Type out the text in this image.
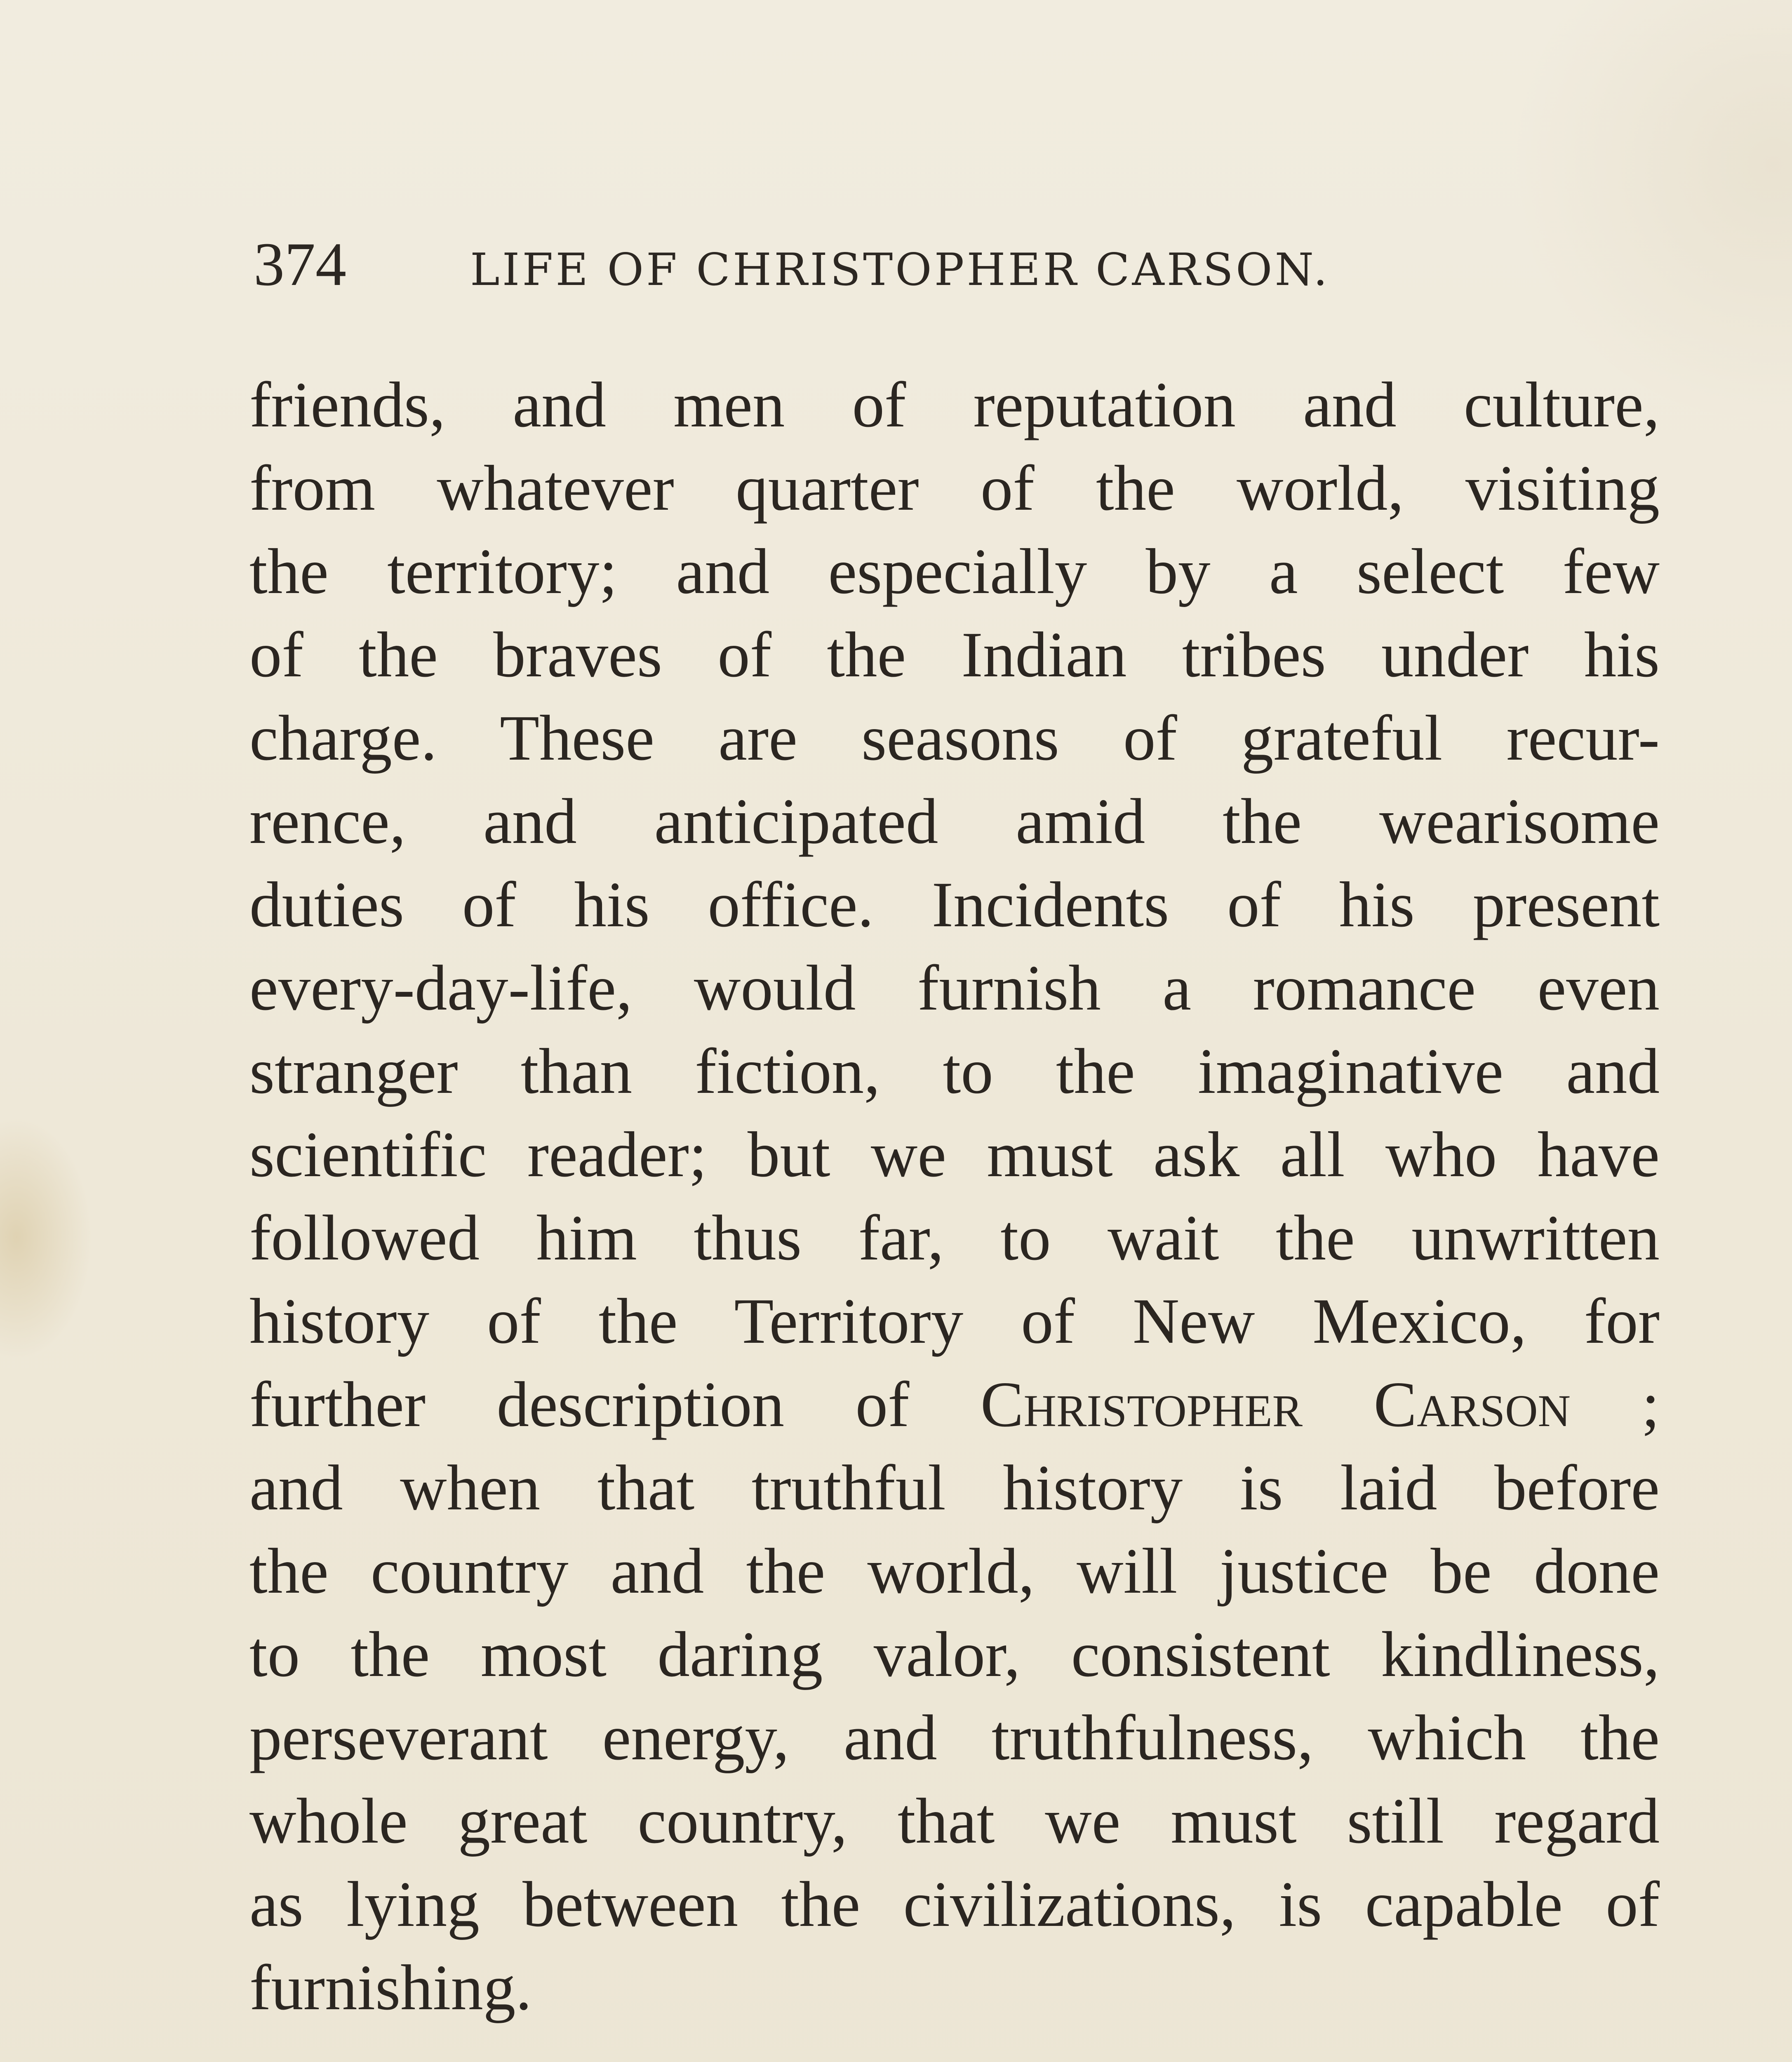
374	LIFE OF CHRISTOPHER CARSON.
friends, and men of reputation and culture,
from whatever quarter of the world, visiting
the territory; and especially by a select few
of the braves of the Indian tribes under his
charge. These are seasons of grateful recur-
rence, and anticipated amid the wearisome
duties of his office. Incidents of his present
every-day-life, would furnish a romance even
stranger than fiction, to the imaginative and
scientific reader; but we must ask all who have
followed him thus far, to wait the unwritten
history of the Territory of New Mexico, for
further description of Christopher Carson ;
and when that truthful history is laid before
the country and the world, will justice be done
to the most daring valor, consistent kindliness,
perseverant energy, and truthfulness, which the
whole great country, that we must still regard
as lying between the civilizations, is capable of
furnishing.
